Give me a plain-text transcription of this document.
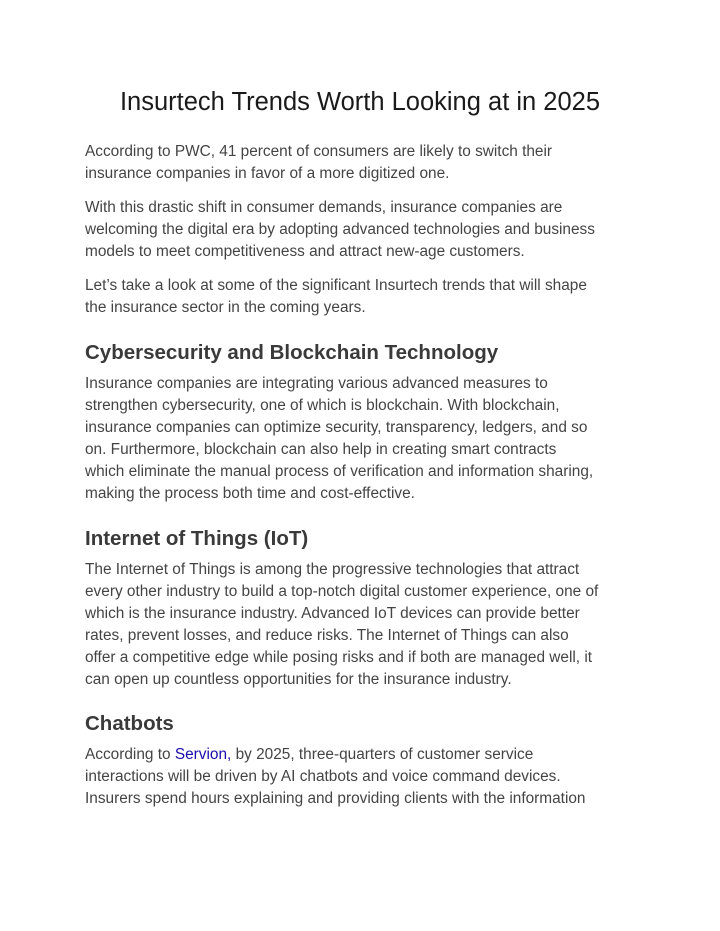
Insurtech Trends Worth Looking at in 2025

According to PWC, 41 percent of consumers are likely to switch their
insurance companies in favor of a more digitized one.

With this drastic shift in consumer demands, insurance companies are
welcoming the digital era by adopting advanced technologies and business
models to meet competitiveness and attract new-age customers.

Let’s take a look at some of the significant Insurtech trends that will shape
the insurance sector in the coming years.

Cybersecurity and Blockchain Technology

Insurance companies are integrating various advanced measures to
strengthen cybersecurity, one of which is blockchain. With blockchain,
insurance companies can optimize security, transparency, ledgers, and so
on. Furthermore, blockchain can also help in creating smart contracts
which eliminate the manual process of verification and information sharing,
making the process both time and cost-effective.

Internet of Things (IoT)

The Internet of Things is among the progressive technologies that attract
every other industry to build a top-notch digital customer experience, one of
which is the insurance industry. Advanced IoT devices can provide better
rates, prevent losses, and reduce risks. The Internet of Things can also
offer a competitive edge while posing risks and if both are managed well, it
can open up countless opportunities for the insurance industry.

Chatbots

According to Servion, by 2025, three-quarters of customer service
interactions will be driven by AI chatbots and voice command devices.
Insurers spend hours explaining and providing clients with the information
